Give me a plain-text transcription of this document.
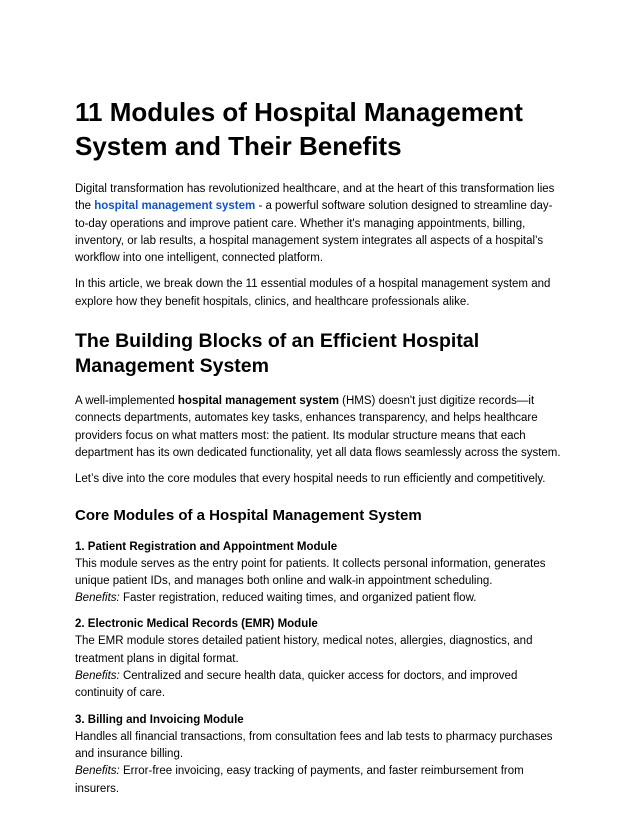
11 Modules of Hospital Management System and Their Benefits

Digital transformation has revolutionized healthcare, and at the heart of this transformation lies the hospital management system - a powerful software solution designed to streamline day-to-day operations and improve patient care. Whether it's managing appointments, billing, inventory, or lab results, a hospital management system integrates all aspects of a hospital’s workflow into one intelligent, connected platform.

In this article, we break down the 11 essential modules of a hospital management system and explore how they benefit hospitals, clinics, and healthcare professionals alike.

The Building Blocks of an Efficient Hospital Management System

A well-implemented hospital management system (HMS) doesn't just digitize records—it connects departments, automates key tasks, enhances transparency, and helps healthcare providers focus on what matters most: the patient. Its modular structure means that each department has its own dedicated functionality, yet all data flows seamlessly across the system.

Let’s dive into the core modules that every hospital needs to run efficiently and competitively.

Core Modules of a Hospital Management System

1. Patient Registration and Appointment Module

This module serves as the entry point for patients. It collects personal information, generates unique patient IDs, and manages both online and walk-in appointment scheduling.

Benefits: Faster registration, reduced waiting times, and organized patient flow.

2. Electronic Medical Records (EMR) Module

The EMR module stores detailed patient history, medical notes, allergies, diagnostics, and treatment plans in digital format.

Benefits: Centralized and secure health data, quicker access for doctors, and improved continuity of care.

3. Billing and Invoicing Module

Handles all financial transactions, from consultation fees and lab tests to pharmacy purchases and insurance billing.

Benefits: Error-free invoicing, easy tracking of payments, and faster reimbursement from insurers.
